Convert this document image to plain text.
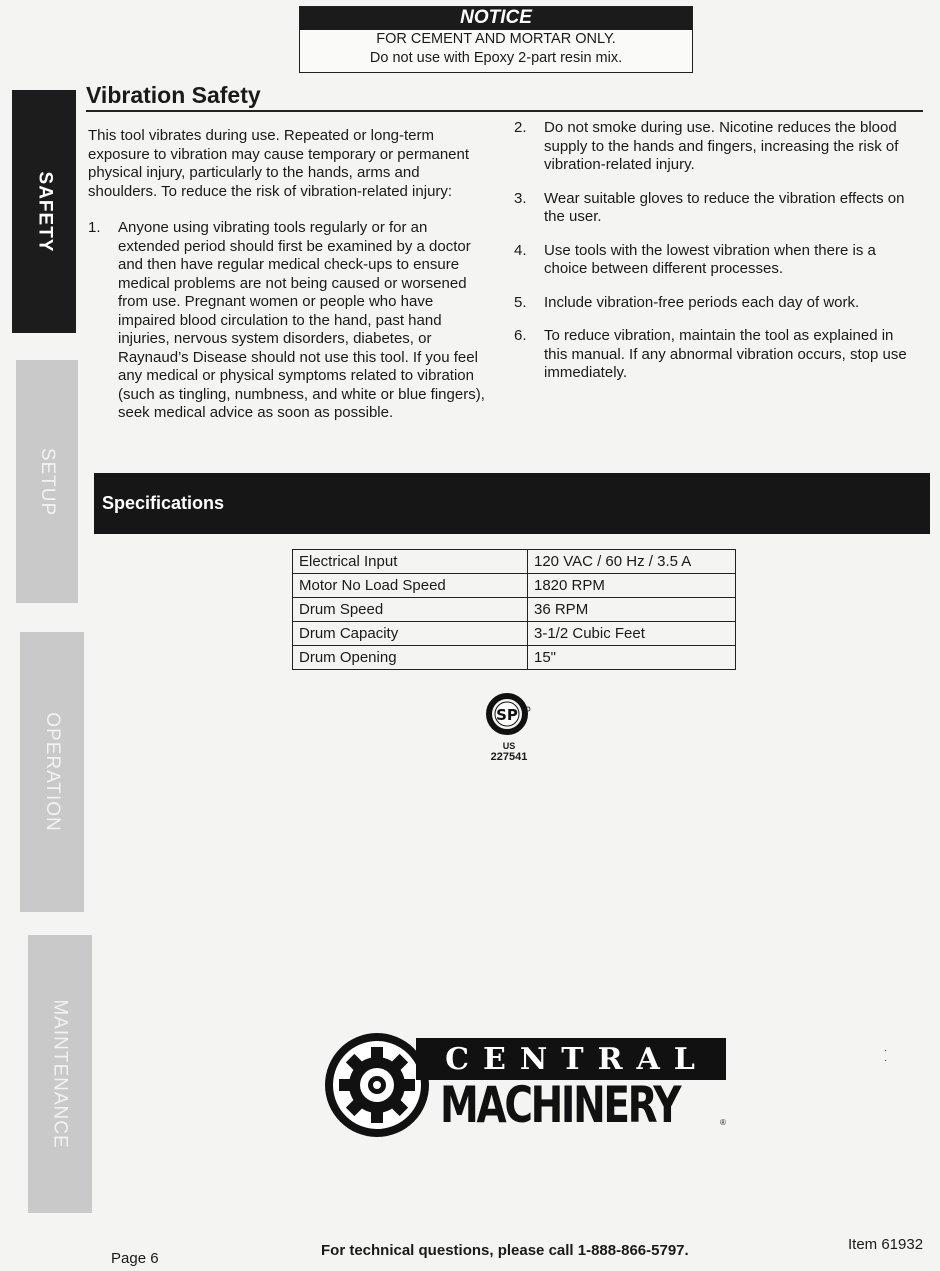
NOTICE
FOR CEMENT AND MORTAR ONLY.
Do not use with Epoxy 2-part resin mix.
SAFETY
SETUP
OPERATION
MAINTENANCE
Vibration Safety

This tool vibrates during use. Repeated or long-term exposure to vibration may cause temporary or permanent physical injury, particularly to the hands, arms and shoulders. To reduce the risk of vibration-related injury:

1.	Anyone using vibrating tools regularly or for an extended period should first be examined by a doctor and then have regular medical check-ups to ensure medical problems are not being caused or worsened from use. Pregnant women or people who have impaired blood circulation to the hand, past hand injuries, nervous system disorders, diabetes, or Raynaud’s Disease should not use this tool. If you feel any medical or physical symptoms related to vibration (such as tingling, numbness, and white or blue fingers), seek medical advice as soon as possible.
2.	Do not smoke during use. Nicotine reduces the blood supply to the hands and fingers, increasing the risk of vibration-related injury.
3.	Wear suitable gloves to reduce the vibration effects on the user.
4.	Use tools with the lowest vibration when there is a choice between different processes.
5.	Include vibration-free periods each day of work.
6.	To reduce vibration, maintain the tool as explained in this manual. If any abnormal vibration occurs, stop use immediately.
Specifications
Electrical Input	120 VAC / 60 Hz / 3.5 A
Motor No Load Speed	1820 RPM
Drum Speed	36 RPM
Drum Capacity	3-1/2 Cubic Feet
Drum Opening	15"
SP
US
227541
CENTRAL
MACHINERY	®
·
·
Page 6	For technical questions, please call 1-888-866-5797.	Item 61932
